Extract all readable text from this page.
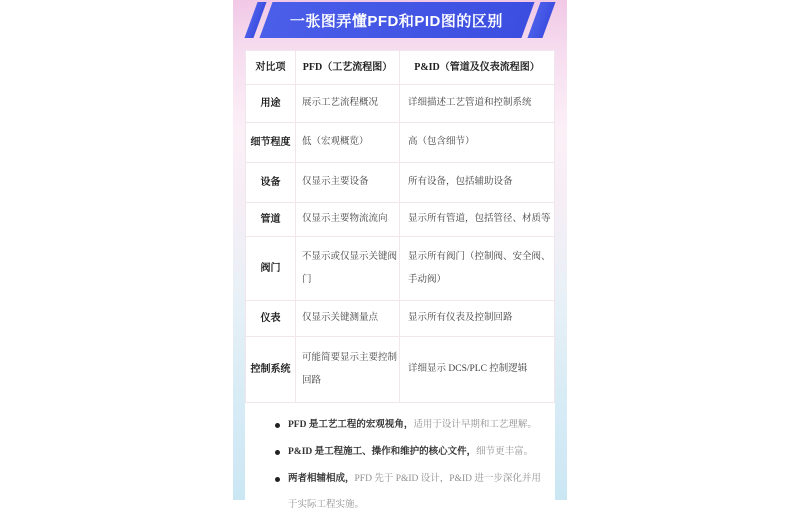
一张图弄懂PFD和PID图的区别
对比项	PFD（工艺流程图）	P&ID（管道及仪表流程图）
用途	展示工艺流程概况	详细描述工艺管道和控制系统
细节程度	低（宏观概览）	高（包含细节）
设备	仅显示主要设备	所有设备，包括辅助设备
管道	仅显示主要物流流向	显示所有管道，包括管径、材质等
阀门	不显示或仅显示关键阀门	显示所有阀门（控制阀、安全阀、手动阀）
仪表	仅显示关键测量点	显示所有仪表及控制回路
控制系统	可能简要显示主要控制回路	详细显示 DCS/PLC 控制逻辑
PFD 是工艺工程的宏观视角，适用于设计早期和工艺理解。
P&ID 是工程施工、操作和维护的核心文件，细节更丰富。
两者相辅相成，PFD 先于 P&ID 设计，P&ID 进一步深化并用于实际工程实施。
